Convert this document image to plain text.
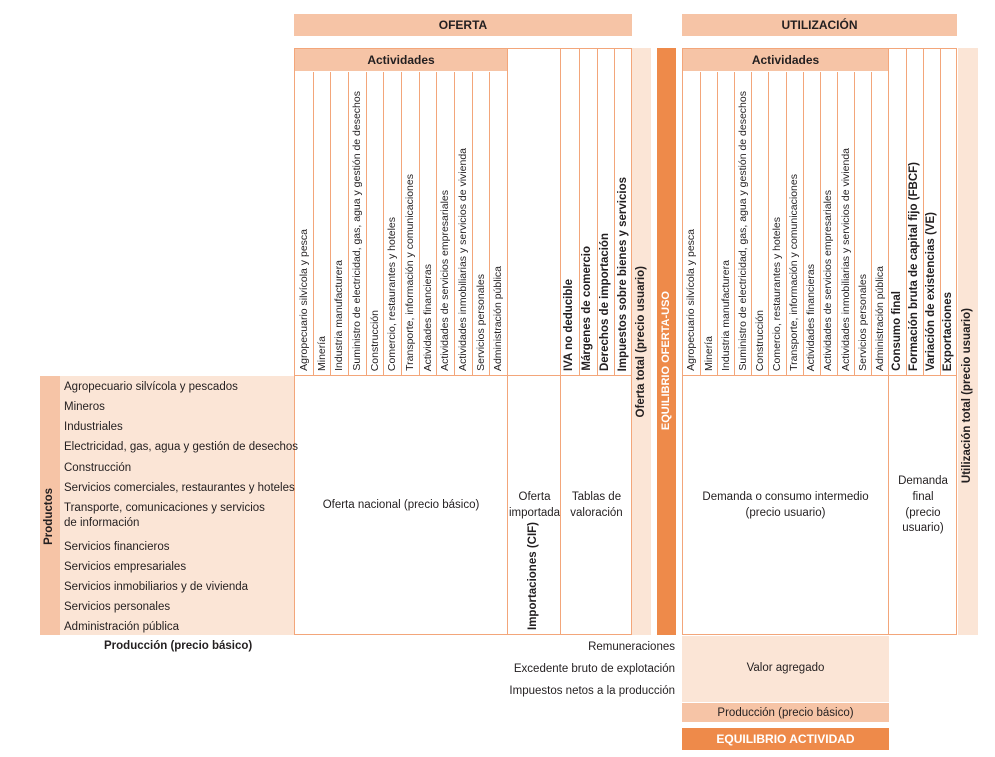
OFERTA	UTILIZACIÓN
Actividades
Agropecuario silvícola y pesca Minería Industria manufacturera Suministro de electricidad, gas, agua y gestión de desechos Construcción Comercio, restaurantes y hoteles Transporte, información y comunicaciones Actividades financieras Actividades de servicios empresariales Actividades inmobiliarias y servicios de vivienda Servicios personales Administración pública
Importaciones (CIF)
IVA no deducible Márgenes de comercio Derechos de importación Impuestos sobre bienes y servicios Oferta total (precio usuario) EQUILIBRIO OFERTA-USO
Oferta nacional (precio básico)
Oferta importada
Tablas de valoración
Actividades
Agropecuario silvícola y pesca Minería Industria manufacturera Suministro de electricidad, gas, agua y gestión de desechos Construcción Comercio, restaurantes y hoteles Transporte, información y comunicaciones Actividades financieras Actividades de servicios empresariales Actividades inmobiliarias y servicios de vivienda Servicios personales Administración pública Consumo final Formación bruta de capital fijo (FBCF) Variación de existencias (VE) Exportaciones Utilización total (precio usuario)
Demanda o consumo intermedio (precio usuario)
Demanda final (precio usuario)
Productos
Agropecuario silvícola y pescados
Mineros
Industriales
Electricidad, gas, agua y gestión de desechos
Construcción
Servicios comerciales, restaurantes y hoteles
Transporte, comunicaciones y servicios
de información
Servicios financieros
Servicios empresariales
Servicios inmobiliarios y de vivienda
Servicios personales
Administración pública
Producción (precio básico)	Remuneraciones
Excedente bruto de explotación
Impuestos netos a la producción
Valor agregado
Producción (precio básico)
EQUILIBRIO ACTIVIDAD
